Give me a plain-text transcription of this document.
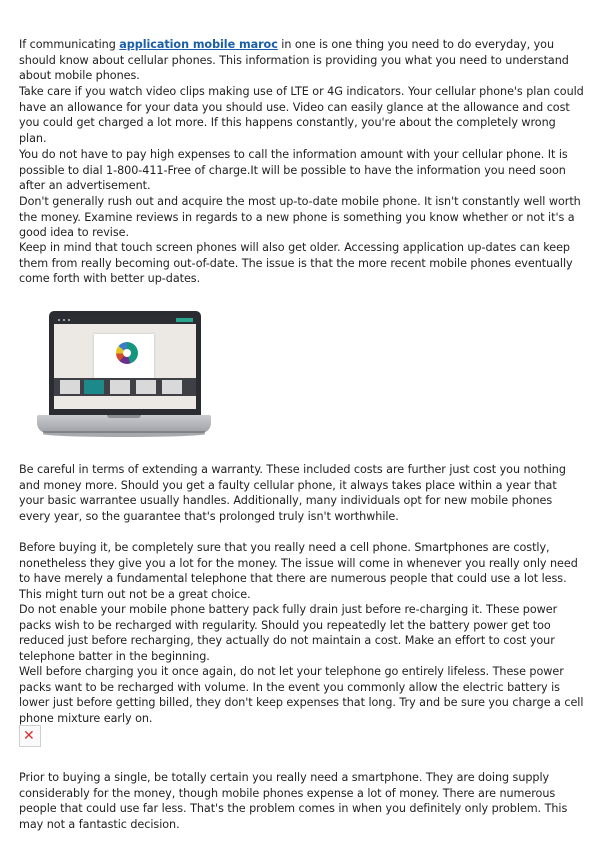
If communicating application mobile maroc in one is one thing you need to do everyday, you should know about cellular phones. This information is providing you what you need to understand about mobile phones.

Take care if you watch video clips making use of LTE or 4G indicators. Your cellular phone's plan could have an allowance for your data you should use. Video can easily glance at the allowance and cost you could get charged a lot more. If this happens constantly, you're about the completely wrong plan.

You do not have to pay high expenses to call the information amount with your cellular phone. It is possible to dial 1-800-411-Free of charge.It will be possible to have the information you need soon after an advertisement.

Don't generally rush out and acquire the most up-to-date mobile phone. It isn't constantly well worth the money. Examine reviews in regards to a new phone is something you know whether or not it's a good idea to revise.

Keep in mind that touch screen phones will also get older. Accessing application up-dates can keep them from really becoming out-of-date. The issue is that the more recent mobile phones eventually come forth with better up-dates.

Be careful in terms of extending a warranty. These included costs are further just cost you nothing and money more. Should you get a faulty cellular phone, it always takes place within a year that your basic warrantee usually handles. Additionally, many individuals opt for new mobile phones every year, so the guarantee that's prolonged truly isn't worthwhile.

Before buying it, be completely sure that you really need a cell phone. Smartphones are costly, nonetheless they give you a lot for the money. The issue will come in whenever you really only need to have merely a fundamental telephone that there are numerous people that could use a lot less. This might turn out not be a great choice.

Do not enable your mobile phone battery pack fully drain just before re-charging it. These power packs wish to be recharged with regularity. Should you repeatedly let the battery power get too reduced just before recharging, they actually do not maintain a cost. Make an effort to cost your telephone batter in the beginning.

Well before charging you it once again, do not let your telephone go entirely lifeless. These power packs want to be recharged with volume. In the event you commonly allow the electric battery is lower just before getting billed, they don't keep expenses that long. Try and be sure you charge a cell phone mixture early on.

✕

Prior to buying a single, be totally certain you really need a smartphone. They are doing supply considerably for the money, though mobile phones expense a lot of money. There are numerous people that could use far less. That's the problem comes in when you definitely only problem. This may not a fantastic decision.
